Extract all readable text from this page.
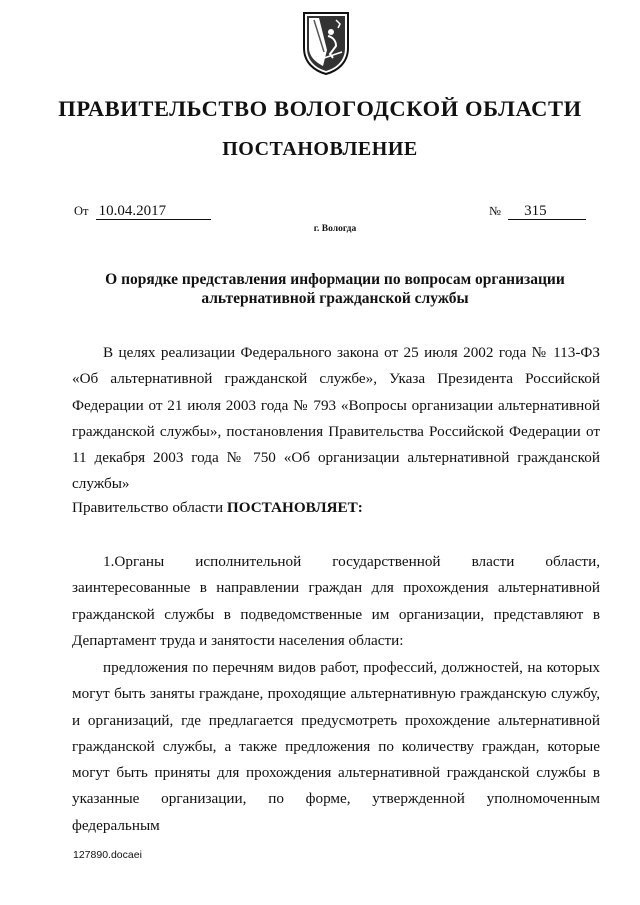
ПРАВИТЕЛЬСТВО ВОЛОГОДСКОЙ ОБЛАСТИ
ПОСТАНОВЛЕНИЕ
От 10.04.2017	№ 315
г. Вологда
О порядке представления информации по вопросам организации альтернативной гражданской службы
В целях реализации Федерального закона от 25 июля 2002 года № 113-ФЗ «Об альтернативной гражданской службе», Указа Президента Российской Федерации от 21 июля 2003 года № 793 «Вопросы организации альтернативной гражданской службы», постановления Правительства Российской Федерации от 11 декабря 2003 года № 750 «Об организации альтернативной гражданской службы»
Правительство области ПОСТАНОВЛЯЕТ:
1.Органы исполнительной государственной власти области, заинтересованные в направлении граждан для прохождения альтернативной гражданской службы в подведомственные им организации, представляют в Департамент труда и занятости населения области:
предложения по перечням видов работ, профессий, должностей, на которых могут быть заняты граждане, проходящие альтернативную гражданскую службу, и организаций, где предлагается предусмотреть прохождение альтернативной гражданской службы, а также предложения по количеству граждан, которые могут быть приняты для прохождения альтернативной гражданской службы в указанные организации, по форме, утвержденной уполномоченным федеральным
127890.docaei
